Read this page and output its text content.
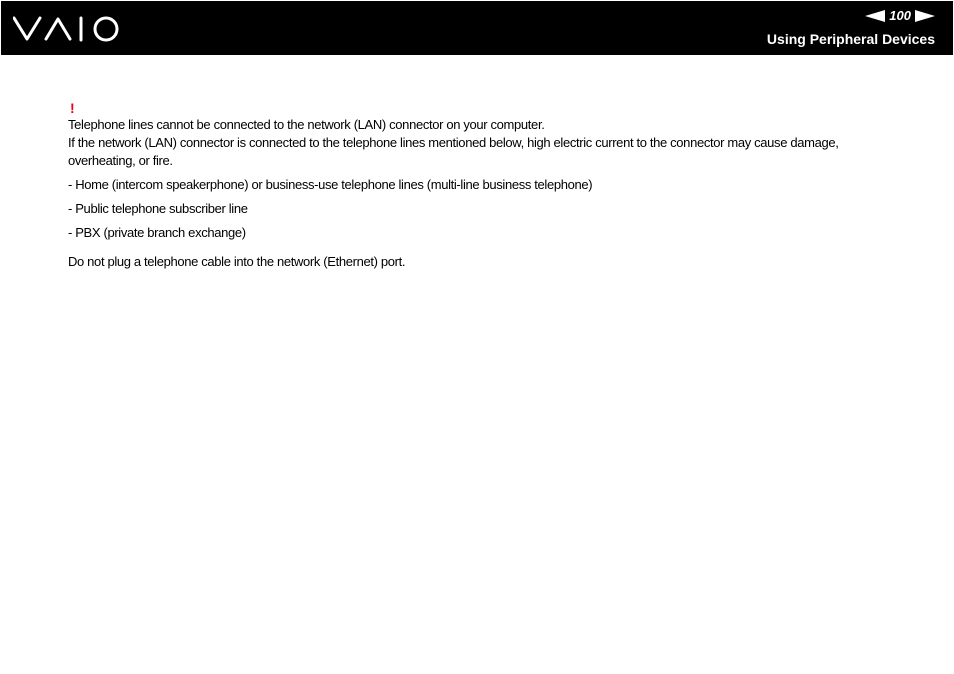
100
Using Peripheral Devices
!

Telephone lines cannot be connected to the network (LAN) connector on your computer.

If the network (LAN) connector is connected to the telephone lines mentioned below, high electric current to the connector may cause damage, overheating, or fire.

- Home (intercom speakerphone) or business-use telephone lines (multi-line business telephone)

- Public telephone subscriber line

- PBX (private branch exchange)

Do not plug a telephone cable into the network (Ethernet) port.
